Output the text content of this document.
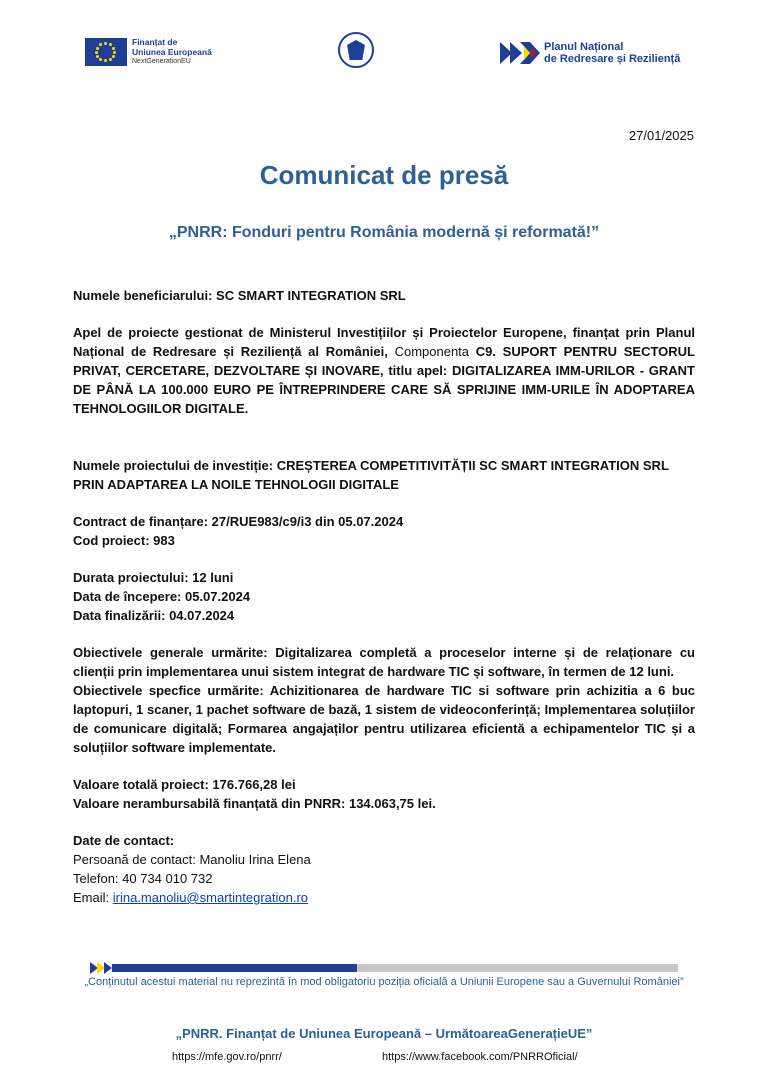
Finanțat de
Uniunea Europeană
NextGenerationEU
Planul Național
de Redresare și Reziliență
27/01/2025
Comunicat de presă
„PNRR: Fonduri pentru România modernă și reformată!”

Numele beneficiarului: SC SMART INTEGRATION SRL

Apel de proiecte gestionat de Ministerul Investițiilor și Proiectelor Europene, finanțat prin Planul Național de Redresare și Reziliență al României, Componenta C9. SUPORT PENTRU SECTORUL PRIVAT, CERCETARE, DEZVOLTARE ȘI INOVARE, titlu apel: DIGITALIZAREA IMM-URILOR - GRANT DE PÂNĂ LA 100.000 EURO PE ÎNTREPRINDERE CARE SĂ SPRIJINE IMM-URILE ÎN ADOPTAREA TEHNOLOGIILOR DIGITALE.

Numele proiectului de investiție: CREȘTEREA COMPETITIVITĂȚII SC SMART INTEGRATION SRL PRIN ADAPTAREA LA NOILE TEHNOLOGII DIGITALE

Contract de finanțare: 27/RUE983/c9/i3 din 05.07.2024

Cod proiect: 983

Durata proiectului: 12 luni

Data de începere: 05.07.2024

Data finalizării: 04.07.2024

Obiectivele generale urmărite: Digitalizarea completă a proceselor interne și de relaționare cu clienții prin implementarea unui sistem integrat de hardware TIC și software, în termen de 12 luni.

Obiectivele specfice urmărite: Achizitionarea de hardware TIC si software prin achizitia a 6 buc laptopuri, 1 scaner, 1 pachet software de bază, 1 sistem de videoconferință; Implementarea soluțiilor de comunicare digitală; Formarea angajaților pentru utilizarea eficientă a echipamentelor TIC și a soluțiilor software implementate.

Valoare totală proiect: 176.766,28 lei

Valoare nerambursabilă finanțată din PNRR: 134.063,75 lei.

Date de contact:

Persoană de contact: Manoliu Irina Elena

Telefon: 40 734 010 732

Email: irina.manoliu@smartintegration.ro

„Conținutul acestui material nu reprezintă în mod obligatoriu poziția oficială a Uniunii Europene sau a Guvernului României”
„PNRR. Finanțat de Uniunea Europeană – UrmătoareaGenerațieUE”
https://mfe.gov.ro/pnrr/	https://www.facebook.com/PNRROficial/
